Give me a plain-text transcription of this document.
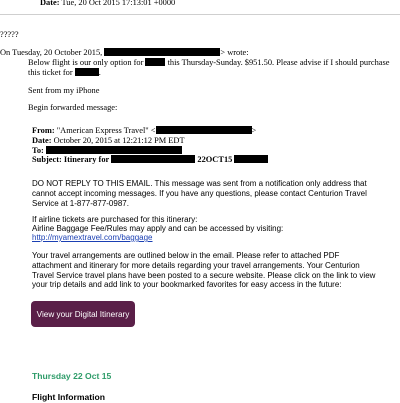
Date: Tue, 20 Oct 2015 17:13:01 +0000
?????
On Tuesday, 20 October 2015,	> wrote:
Below flight is our only option for	this Thursday-Sunday. $951.50. Please advise if I should purchase
this ticket for	.
Sent from my iPhone
Begin forwarded message:
From: "American Express Travel" <	>
Date: October 20, 2015 at 12:21:12 PM EDT
To:
Subject: Itinerary for	22OCT15
DO NOT REPLY TO THIS EMAIL. This message was sent from a notification only address that
cannot accept incoming messages. If you have any questions, please contact Centurion Travel
Service at 1-877-877-0987.
If airline tickets are purchased for this itinerary:
Airline Baggage Fee/Rules may apply and can be accessed by visiting:
http://myamextravel.com/baggage
Your travel arrangements are outlined below in the email. Please refer to attached PDF
attachment and itinerary for more details regarding your travel arrangements. Your Centurion
Travel Service travel plans have been posted to a secure website. Please click on the link to view
your trip details and add link to your bookmarked favorites for easy access in the future:
View your Digital Itinerary
Thursday 22 Oct 15
Flight Information
